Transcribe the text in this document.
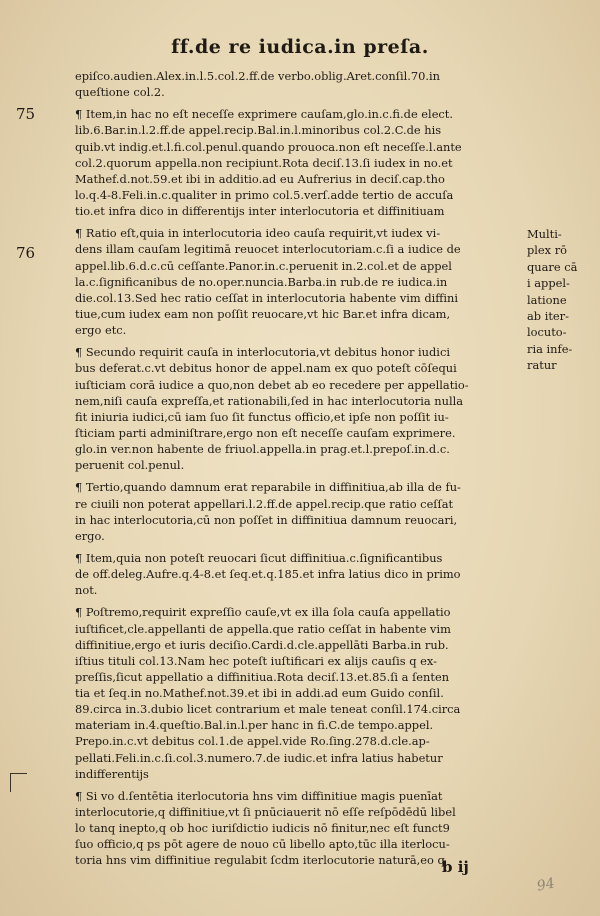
ff.de re iudica.in preſa.
75
76
epiſco.audien.Alex.in.l.5.col.2.ff.de verbo.oblig.Aret.conſil.70.in
queſtione col.2.
¶ Item,in hac no eſt neceſſe exprimere cauſam,glo.in.c.fi.de elect.
lib.6.Bar.in.l.2.ff.de appel.recip.Bal.in.l.minoribus col.2.C.de his
quib.vt indig.et.l.fi.col.penul.quando prouoca.non eſt neceſſe.l.ante
col.2.quorum appella.non recipiunt.Rota deciſ.13.ſi iudex in no.et
Mathef.d.not.59.et ibi in additio.ad eu Aufrerius in deciſ.cap.tho
lo.q.4-8.Feli.in.c.qualiter in primo col.5.verſ.adde tertio de accuſa
tio.et infra dico in differentijs inter interlocutoria et diffinitiuam
¶ Ratio eſt,quia in interlocutoria ideo cauſa requirit,vt iudex vi-
dens illam cauſam legitimā reuocet interlocutoriam.c.ſi a iudice de
appel.lib.6.d.c.cū ceſſante.Panor.in.c.peruenit in.2.col.et de appel
la.c.ſignificanibus de no.oper.nuncia.Barba.in rub.de re iudica.in
die.col.13.Sed hec ratio ceſſat in interlocutoria habente vim diffini
tiue,cum iudex eam non poſſit reuocare,vt hic Bar.et infra dicam,
ergo etc.
¶ Secundo requirit cauſa in interlocutoria,vt debitus honor iudici
bus deferat.c.vt debitus honor de appel.nam ex quo poteſt cōſequi
iuſticiam corā iudice a quo,non debet ab eo recedere per appellatio-
nem,niſi cauſa expreſſa,et rationabili,ſed in hac interlocutoria nulla
fit iniuria iudici,cū iam ſuo ſit functus officio,et ipſe non poſſit iu-
ſticiam parti adminiſtrare,ergo non eſt neceſſe cauſam exprimere.
glo.in ver.non habente de friuol.appella.in prag.et.l.prepoſ.in.d.c.
peruenit col.penul.
¶ Tertio,quando damnum erat reparabile in diffinitiua,ab illa de fu-
re ciuili non poterat appellari.l.2.ff.de appel.recip.que ratio ceſſat
in hac interlocutoria,cū non poſſet in diffinitiua damnum reuocari,
ergo.
¶ Item,quia non poteſt reuocari ſicut diffinitiua.c.ſignificantibus
de off.deleg.Aufre.q.4-8.et ſeq.et.q.185.et infra latius dico in primo
not.
¶ Poſtremo,requirit expreſſio cauſe,vt ex illa ſola cauſa appellatio
iuſtificet,cle.appellanti de appella.que ratio ceſſat in habente vim
diffinitiue,ergo et iuris deciſio.Cardi.d.cle.appellāti Barba.in rub.
iſtius tituli col.13.Nam hec poteſt iuſtificari ex alijs cauſis q ex-
preſſis,ſicut appellatio a diffinitiua.Rota deciſ.13.et.85.ſi a ſenten
tia et ſeq.in no.Mathef.not.39.et ibi in addi.ad eum Guido conſil.
89.circa in.3.dubio licet contrarium et male teneat conſil.174.circa
materiam in.4.queſtio.Bal.in.l.per hanc in fi.C.de tempo.appel.
Prepo.in.c.vt debitus col.1.de appel.vide Ro.ſing.278.d.cle.ap-
pellati.Feli.in.c.ſi.col.3.numero.7.de iudic.et infra latius habetur
indifferentijs
¶ Si vo d.ſentētia iterlocutoria hns vim diffinitiue magis puenīat
interlocutorie,q diffinitiue,vt ſi pnūciauerit nō eſſe reſpōdēdū libel
lo tanq inepto,q ob hoc iuriſdictio iudicis nō finitur,nec eſt funct9
ſuo officio,q ps pōt agere de nouo cū libello apto,tūc illa iterlocu-
toria hns vim diffinitiue regulabit ſcdm iterlocutorie naturā,eo q
Multi-
plex rō
quare cā
i appel-
latione
ab iter-
locuto-
ria infe-
ratur
b ij
94
